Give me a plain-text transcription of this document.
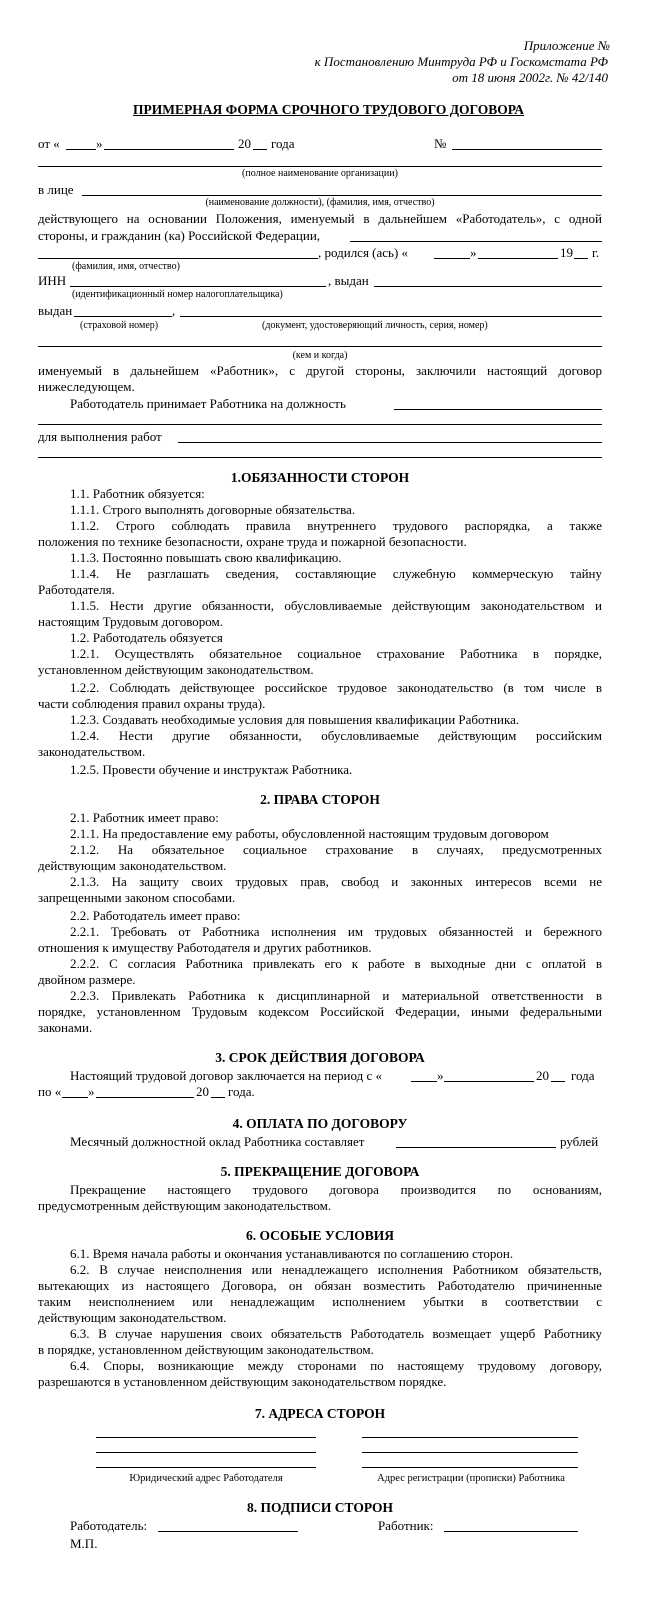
Приложение №
к Постановлению Минтруда РФ и Госкомстата РФ
от 18 июня 2002г. № 42/140
ПРИМЕРНАЯ ФОРМА СРОЧНОГО ТРУДОВОГО ДОГОВОРА
от «	»	20 года	№
(полное наименование организации)
в лице
(наименование должности), (фамилия, имя, отчество)
действующего на основании Положения, именуемый в дальнейшем «Работодатель», с одной
стороны, и гражданин (ка) Российской Федерации,
, родился (ась) «	»	19 г.
(фамилия, имя, отчество)
ИНН	, выдан
(идентификационный номер налогоплательщика)
выдан	,
(страховой номер)	(документ, удостоверяющий личность, серия, номер)
(кем и когда)
именуемый в дальнейшем «Работник», с другой стороны, заключили настоящий договор
нижеследующем.
Работодатель принимает Работника на должность
для выполнения работ
1.ОБЯЗАННОСТИ СТОРОН
1.1. Работник обязуется:
1.1.1. Строго выполнять договорные обязательства.
1.1.2. Строго соблюдать правила внутреннего трудового распорядка, а также
положения по технике безопасности, охране труда и пожарной безопасности.
1.1.3. Постоянно повышать свою квалификацию.
1.1.4. Не разглашать сведения, составляющие служебную коммерческую тайну
Работодателя.
1.1.5. Нести другие обязанности, обусловливаемые действующим законодательством и
настоящим Трудовым договором.
1.2. Работодатель обязуется
1.2.1. Осуществлять обязательное социальное страхование Работника в порядке,
установленном действующим законодательством.
1.2.2. Соблюдать действующее российское трудовое законодательство (в том числе в
части соблюдения правил охраны труда).
1.2.3. Создавать необходимые условия для повышения квалификации Работника.
1.2.4. Нести другие обязанности, обусловливаемые действующим российским
законодательством.
1.2.5. Провести обучение и инструктаж Работника.
2. ПРАВА СТОРОН
2.1. Работник имеет право:
2.1.1. На предоставление ему работы, обусловленной настоящим трудовым договором
2.1.2. На обязательное социальное страхование в случаях, предусмотренных
действующим законодательством.
2.1.3. На защиту своих трудовых прав, свобод и законных интересов всеми не
запрещенными законом способами.
2.2. Работодатель имеет право:
2.2.1. Требовать от Работника исполнения им трудовых обязанностей и бережного
отношения к имуществу Работодателя и других работников.
2.2.2. С согласия Работника привлекать его к работе в выходные дни с оплатой в
двойном размере.
2.2.3. Привлекать Работника к дисциплинарной и материальной ответственности в
порядке, установленном Трудовым кодексом Российской Федерации, иными федеральными
законами.
3. СРОК ДЕЙСТВИЯ ДОГОВОРА
Настоящий трудовой договор заключается на период с «	»	20 года
по « »	20 года.
4. ОПЛАТА ПО ДОГОВОРУ
Месячный должностной оклад Работника составляет	рублей
5. ПРЕКРАЩЕНИЕ ДОГОВОРА
Прекращение настоящего трудового договора производится по основаниям,
предусмотренным действующим законодательством.
6. ОСОБЫЕ УСЛОВИЯ
6.1. Время начала работы и окончания устанавливаются по соглашению сторон.
6.2. В случае неисполнения или ненадлежащего исполнения Работником обязательств,
вытекающих из настоящего Договора, он обязан возместить Работодателю причиненные
таким неисполнением или ненадлежащим исполнением убытки в соответствии с
действующим законодательством.
6.3. В случае нарушения своих обязательств Работодатель возмещает ущерб Работнику
в порядке, установленном действующим законодательством.
6.4. Споры, возникающие между сторонами по настоящему трудовому договору,
разрешаются в установленном действующим законодательством порядке.
7. АДРЕСА СТОРОН
Юридический адрес Работодателя	Адрес регистрации (прописки) Работника
8. ПОДПИСИ СТОРОН
Работодатель:	Работник:
М.П.
